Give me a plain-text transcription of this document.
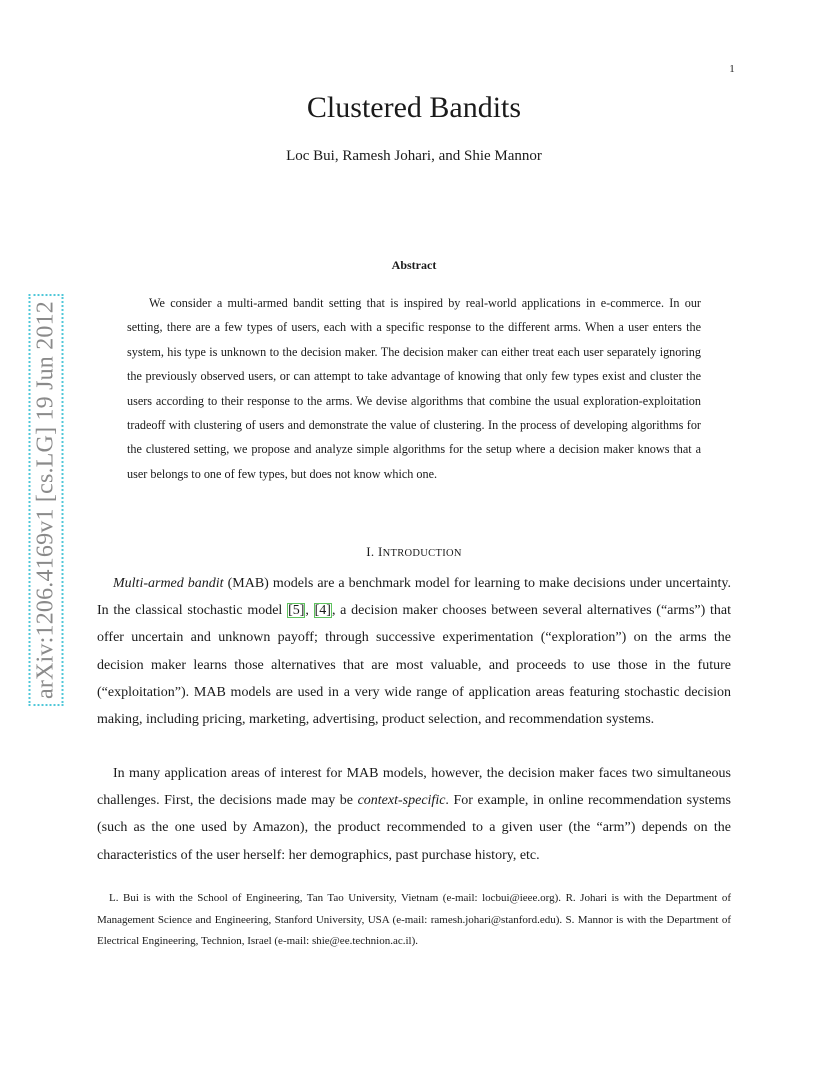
1
arXiv:1206.4169v1 [cs.LG] 19 Jun 2012
Clustered Bandits
Loc Bui, Ramesh Johari, and Shie Mannor
Abstract

We consider a multi-armed bandit setting that is inspired by real-world applications in e-commerce. In our setting, there are a few types of users, each with a specific response to the different arms. When a user enters the system, his type is unknown to the decision maker. The decision maker can either treat each user separately ignoring the previously observed users, or can attempt to take advantage of knowing that only few types exist and cluster the users according to their response to the arms. We devise algorithms that combine the usual exploration-exploitation tradeoff with clustering of users and demonstrate the value of clustering. In the process of developing algorithms for the clustered setting, we propose and analyze simple algorithms for the setup where a decision maker knows that a user belongs to one of few types, but does not know which one.

I. INTRODUCTION

Multi-armed bandit (MAB) models are a benchmark model for learning to make decisions under uncertainty. In the classical stochastic model [5], [4], a decision maker chooses between several alternatives (“arms”) that offer uncertain and unknown payoff; through successive experimentation (“exploration”) on the arms the decision maker learns those alternatives that are most valuable, and proceeds to use those in the future (“exploitation”). MAB models are used in a very wide range of application areas featuring stochastic decision making, including pricing, marketing, advertising, product selection, and recommendation systems.

In many application areas of interest for MAB models, however, the decision maker faces two simultaneous challenges. First, the decisions made may be context-specific. For example, in online recommendation systems (such as the one used by Amazon), the product recommended to a given user (the “arm”) depends on the characteristics of the user herself: her demographics, past purchase history, etc.

L. Bui is with the School of Engineering, Tan Tao University, Vietnam (e-mail: locbui@ieee.org). R. Johari is with the Department of Management Science and Engineering, Stanford University, USA (e-mail: ramesh.johari@stanford.edu). S. Mannor is with the Department of Electrical Engineering, Technion, Israel (e-mail: shie@ee.technion.ac.il).
